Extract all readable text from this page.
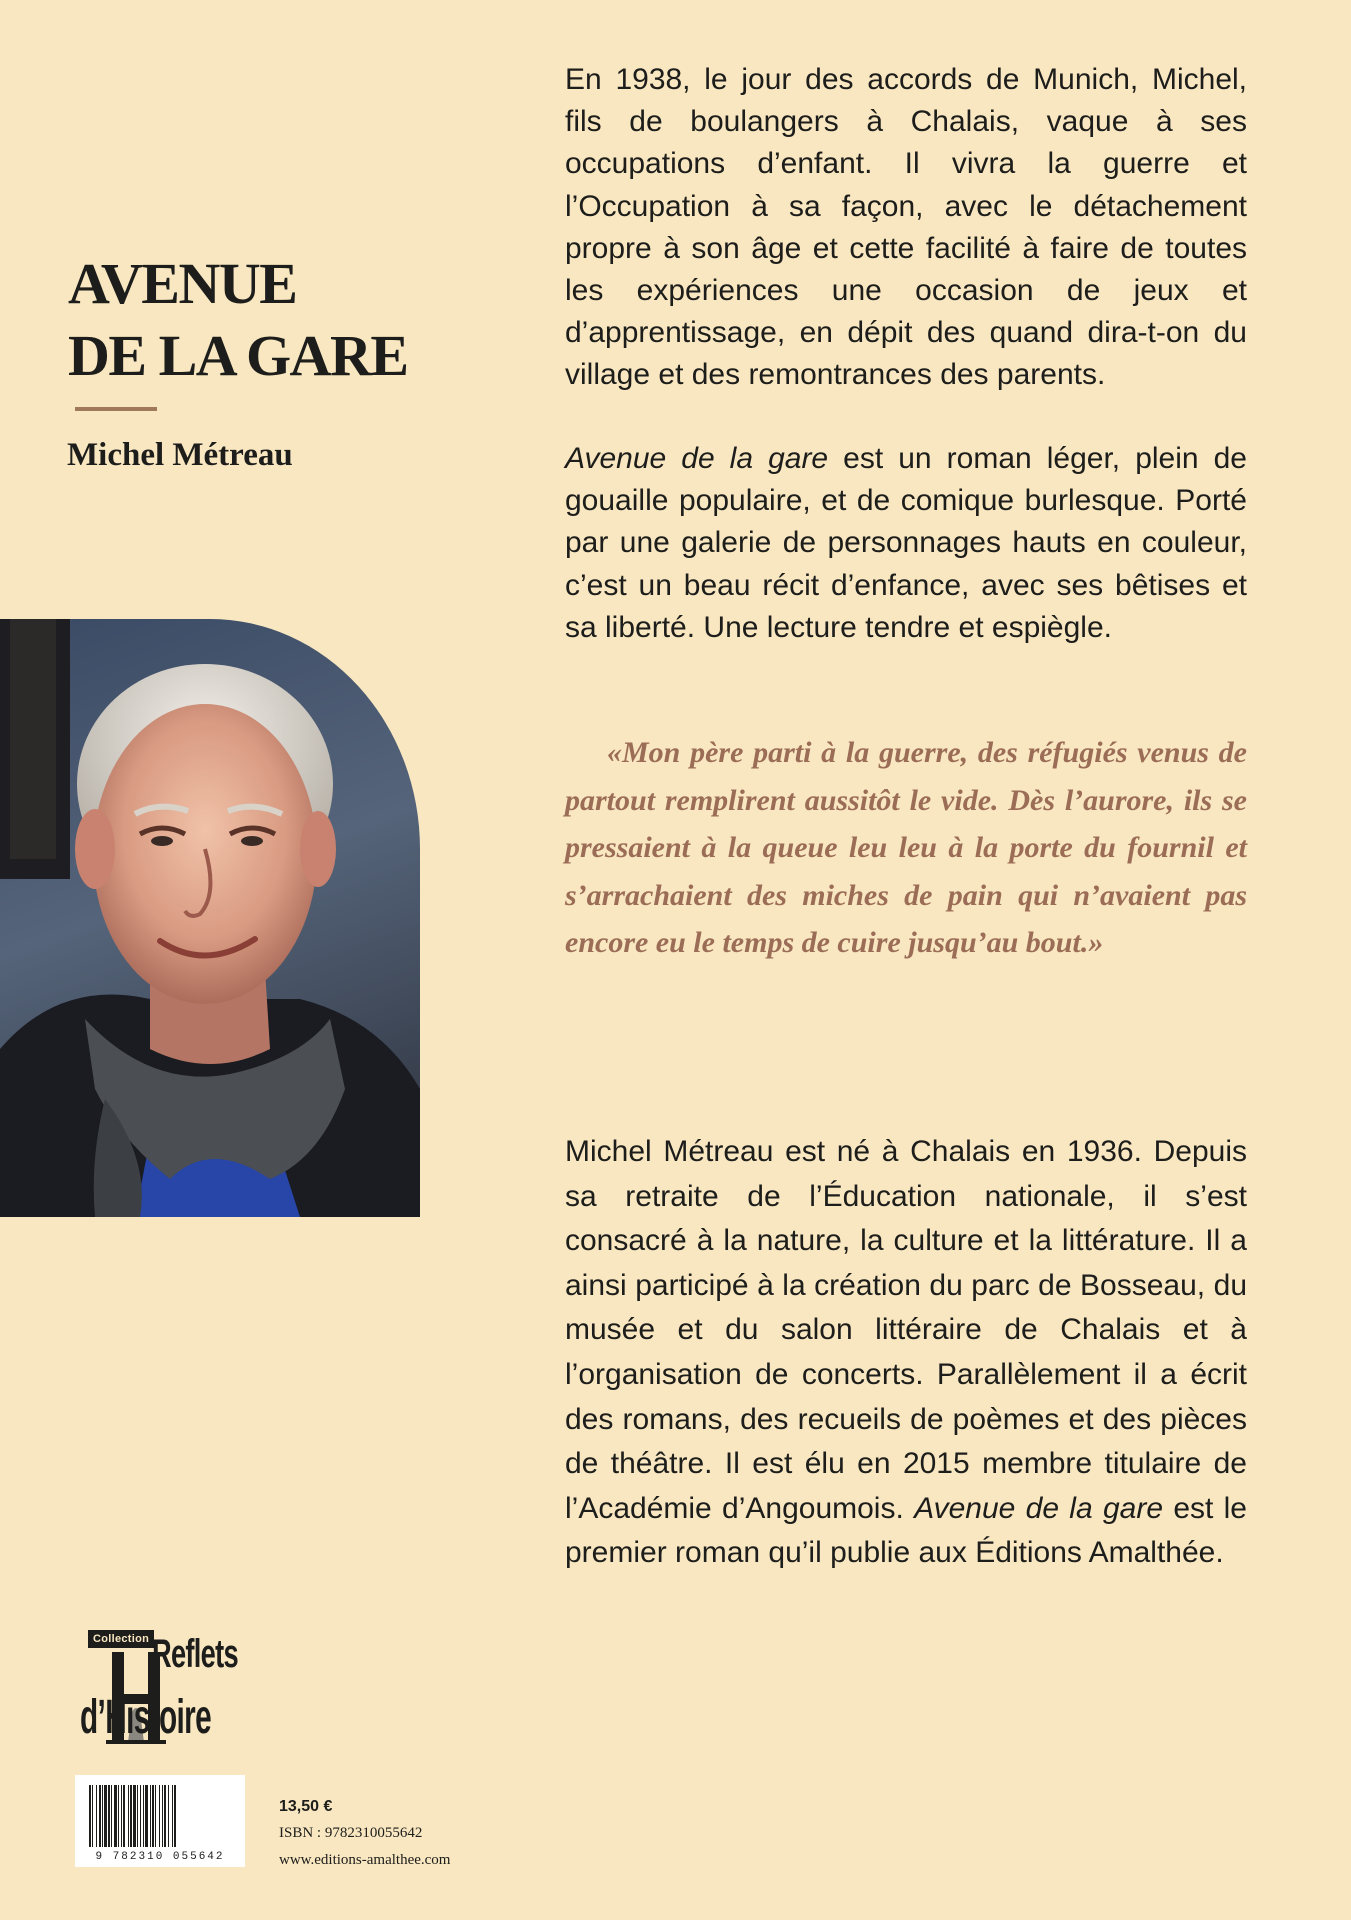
AVENUE
DE LA GARE
Michel Métreau

En 1938, le jour des accords de Munich, Michel, fils de boulangers à Chalais, vaque à ses occupations d’enfant. Il vivra la guerre et l’Occupation à sa façon, avec le détachement propre à son âge et cette facilité à faire de toutes les expériences une occasion de jeux et d’apprentissage, en dépit des quand dira-t-on du village et des remontrances des parents.

Avenue de la gare est un roman léger, plein de gouaille populaire, et de comique burlesque. Porté par une galerie de personnages hauts en couleur, c’est un beau récit d’enfance, avec ses bêtises et sa liberté. Une lecture tendre et espiègle.

«Mon père parti à la guerre, des réfugiés venus de partout remplirent aussitôt le vide. Dès l’aurore, ils se pressaient à la queue leu leu à la porte du fournil et s’arrachaient des miches de pain qui n’avaient pas encore eu le temps de cuire jusqu’au bout.»

Michel Métreau est né à Chalais en 1936. Depuis sa retraite de l’Éducation nationale, il s’est consacré à la nature, la culture et la littérature. Il a ainsi participé à la création du parc de Bosseau, du musée et du salon littéraire de Chalais et à l’organisation de concerts. Parallèlement il a écrit des romans, des recueils de poèmes et des pièces de théâtre. Il est élu en 2015 membre titulaire de l’Académie d’Angoumois. Avenue de la gare est le premier roman qu’il publie aux Éditions Amalthée.

Collection Reflets
d’Histoire
9 782310 055642
13,50 €
ISBN : 9782310055642
www.editions-amalthee.com
